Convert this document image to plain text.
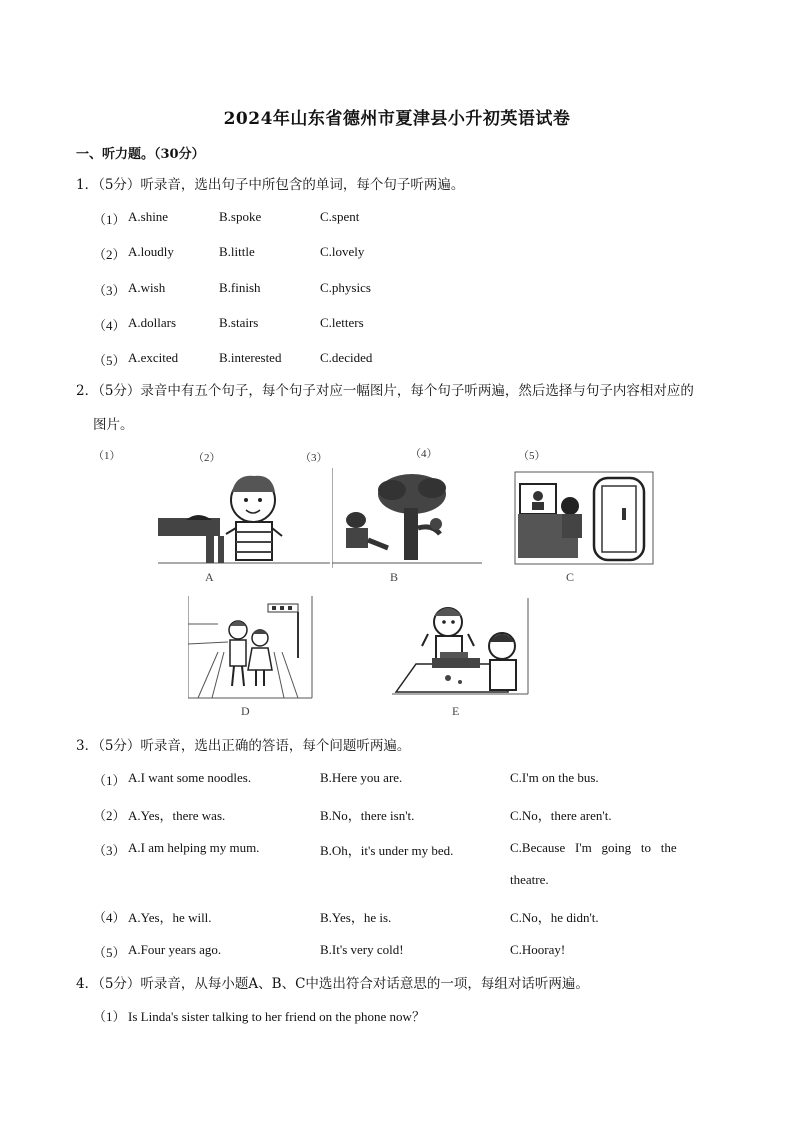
2024年山东省德州市夏津县小升初英语试卷
一、听力题。（30分）
1．（5分）听录音，选出句子中所包含的单词，每个句子听两遍。
（1） A.shine	B.spoke	C.spent
（2） A.loudly	B.little	C.lovely
（3） A.wish	B.finish	C.physics
（4） A.dollars	B.stairs	C.letters
（5） A.excited	B.interested	C.decided
2．（5分）录音中有五个句子，每个句子对应一幅图片，每个句子听两遍，然后选择与句子内容相对应的
图片。
（1）	（2）	（3）	（4）	（5）
A	B	C
D	E
3．（5分）听录音，选出正确的答语，每个问题听两遍。
（1） A.I want some noodles.	B.Here you are.	C.I'm on the bus.
（2） A.Yes，there was.	B.No，there isn't.	C.No，there aren't.
（3） A.I am helping my mum.	B.Oh，it's under my bed.	C.Because   I'm   going   to   the
theatre.
（4） A.Yes，he will.	B.Yes，he is.	C.No，he didn't.
（5） A.Four years ago.	B.It's very cold!	C.Hooray!
4．（5分）听录音，从每小题A、B、C中选出符合对话意思的一项，每组对话听两遍。
（1） Is Linda's sister talking to her friend on the phone now？
